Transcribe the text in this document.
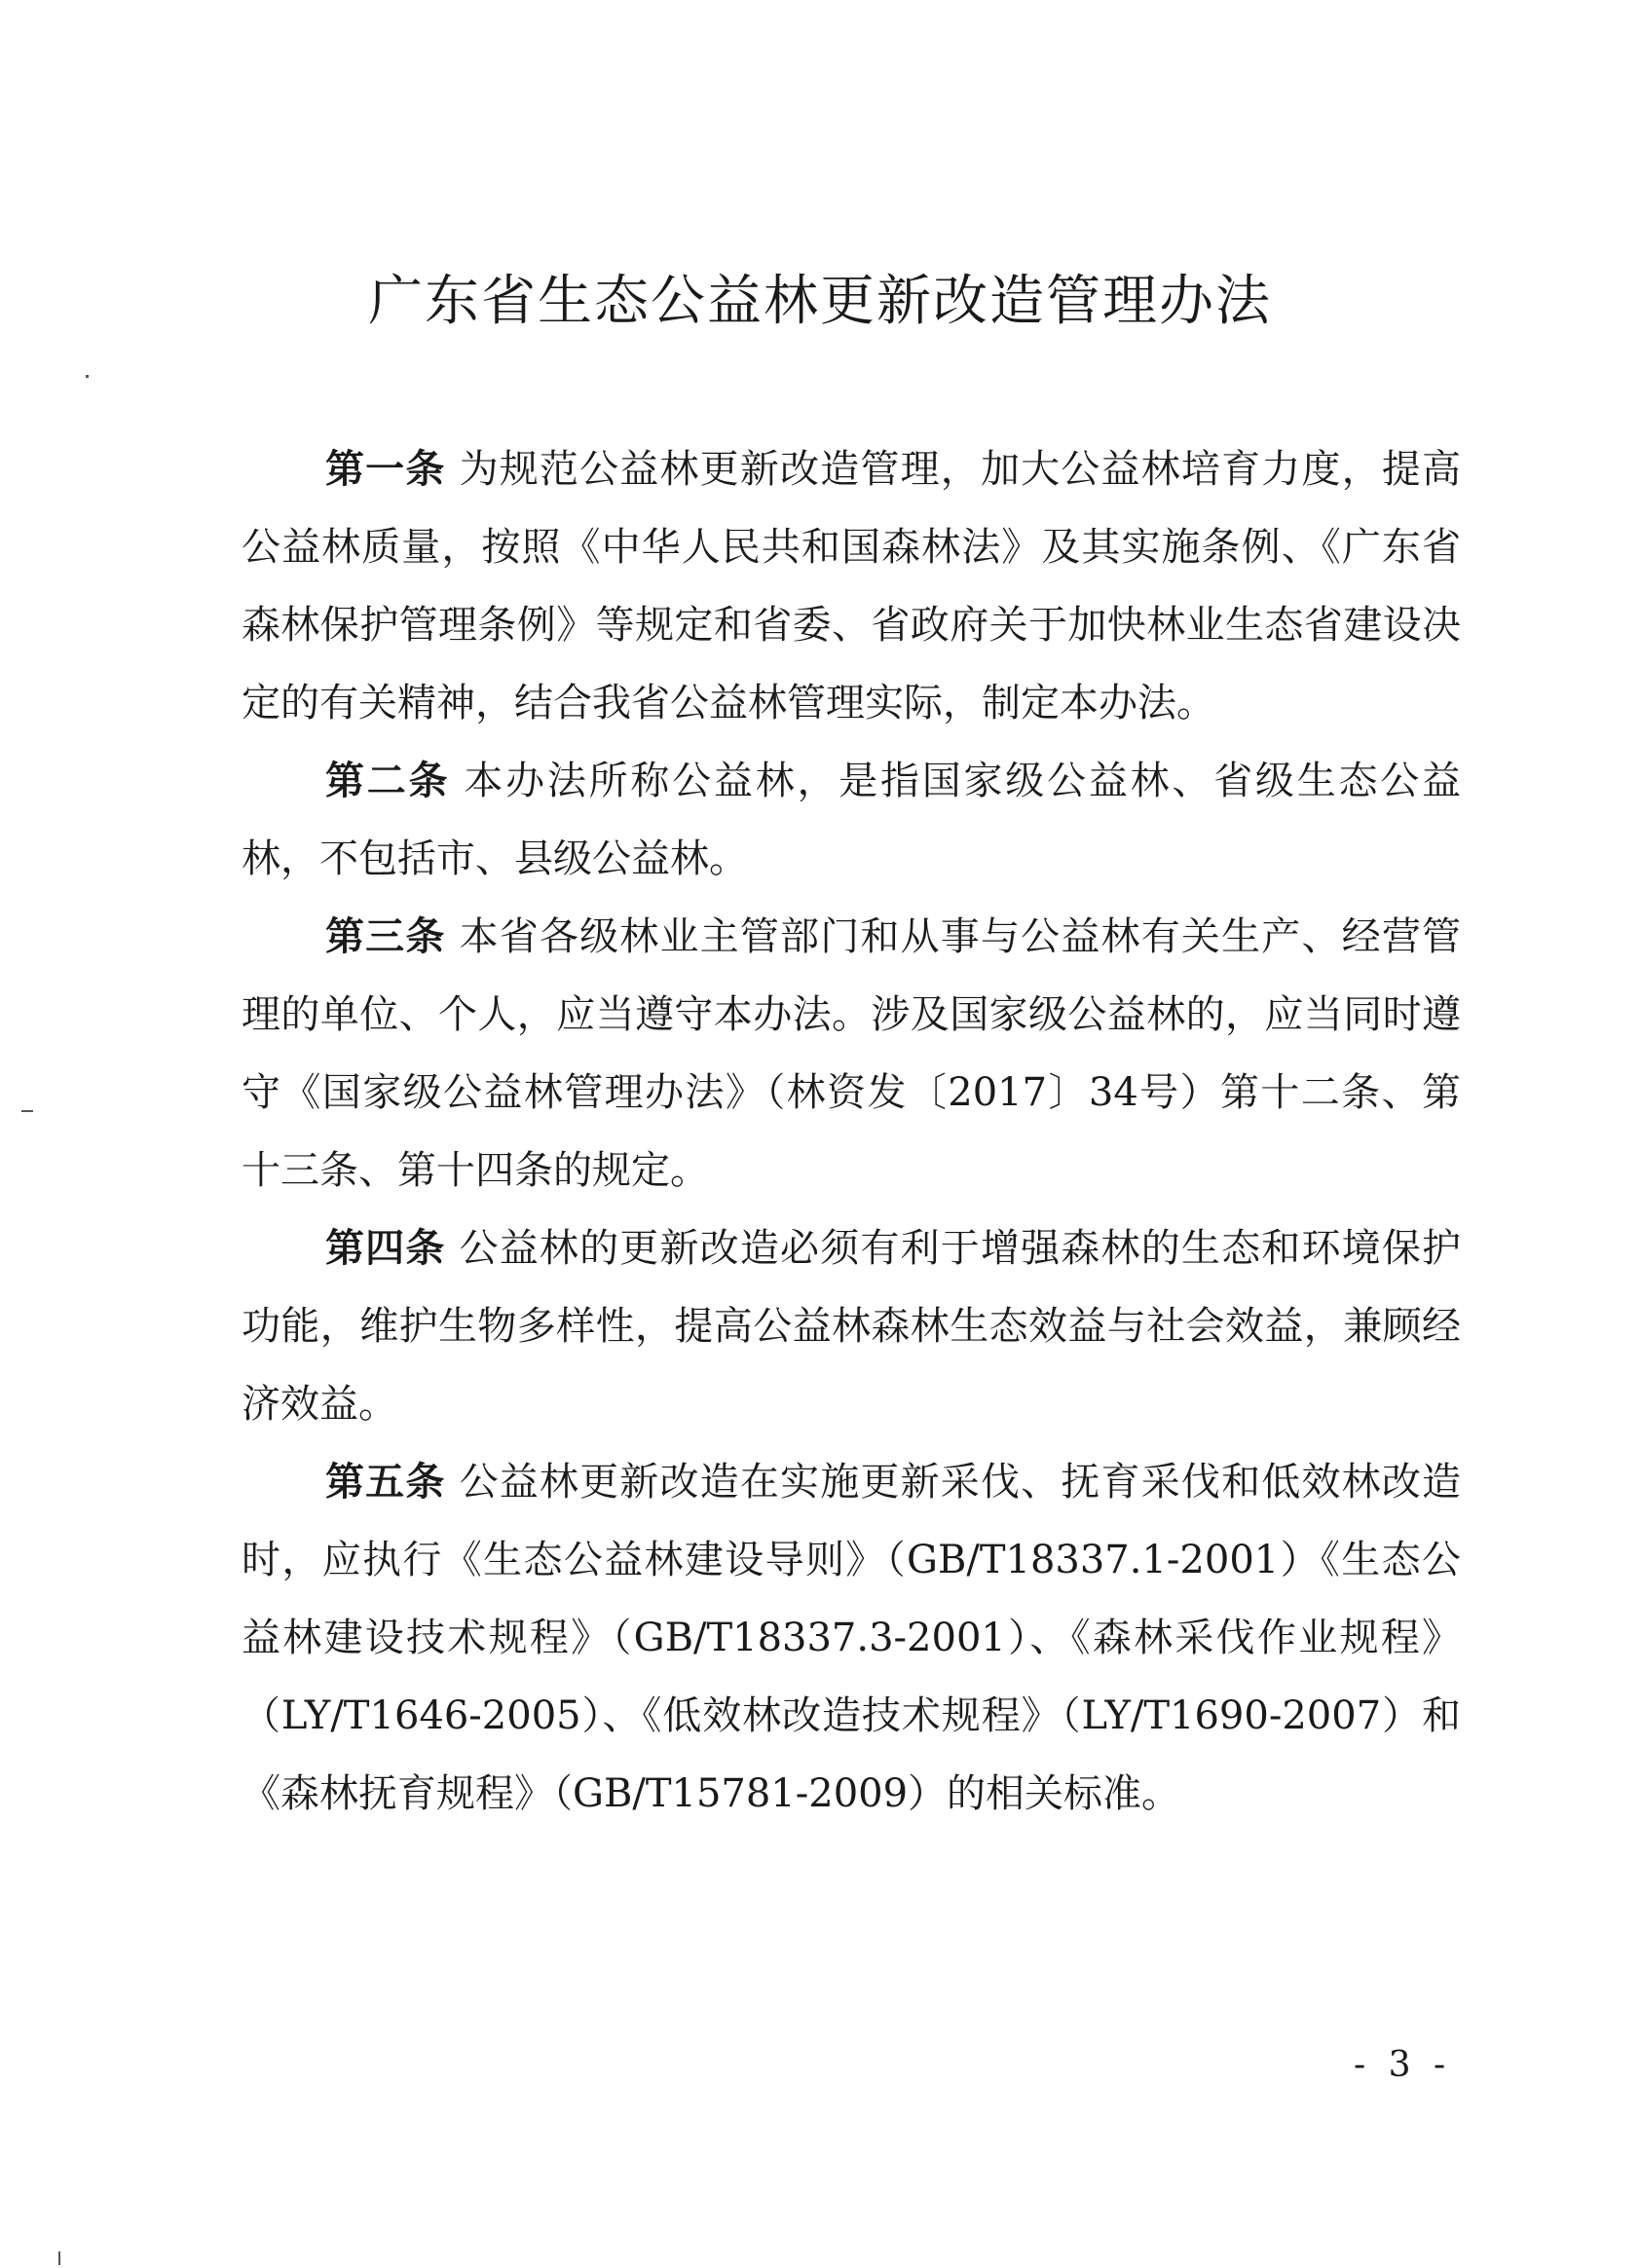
广东省生态公益林更新改造管理办法

第一条 为规范公益林更新改造管理，加大公益林培育力度，提高公益林质量，按照《中华人民共和国森林法》及其实施条例、《广东省森林保护管理条例》等规定和省委、省政府关于加快林业生态省建设决定的有关精神，结合我省公益林管理实际，制定本办法。

第二条 本办法所称公益林，是指国家级公益林、省级生态公益林，不包括市、县级公益林。

第三条 本省各级林业主管部门和从事与公益林有关生产、经营管理的单位、个人，应当遵守本办法。涉及国家级公益林的，应当同时遵守《国家级公益林管理办法》（林资发〔2017〕34号）第十二条、第十三条、第十四条的规定。

第四条 公益林的更新改造必须有利于增强森林的生态和环境保护功能，维护生物多样性，提高公益林森林生态效益与社会效益，兼顾经济效益。

第五条 公益林更新改造在实施更新采伐、抚育采伐和低效林改造时，应执行《生态公益林建设导则》（GB/T18337.1-2001）《生态公益林建设技术规程》（GB/T18337.3-2001）、《森林采伐作业规程》（LY/T1646-2005）、《低效林改造技术规程》（LY/T1690-2007）和《森林抚育规程》（GB/T15781-2009）的相关标准。

- 3 -
